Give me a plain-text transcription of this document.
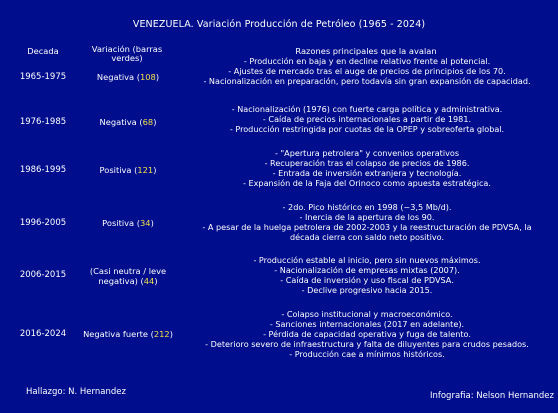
VENEZUELA. Variación Producción de Petróleo (1965 - 2024)
Decada	Variación (barras verdes)
Razones principales que la avalan
1965-1975	Negativa (108)
- Producción en baja y en decline relativo frente al potencial.
- Ajustes de mercado tras el auge de precios de principios de los 70.
- Nacionalización en preparación, pero todavía sin gran expansión de capacidad.
1976-1985	Negativa (68)
- Nacionalización (1976) con fuerte carga política y administrativa.
- Caída de precios internacionales a partir de 1981.
- Producción restringida por cuotas de la OPEP y sobreoferta global.
1986-1995	Positiva (121)
- "Apertura petrolera" y convenios operativos
- Recuperación tras el colapso de precios de 1986.
- Entrada de inversión extranjera y tecnología.
- Expansión de la Faja del Orinoco como apuesta estratégica.
1996-2005	Positiva (34)
- 2do. Pico histórico en 1998 (~3,5 Mb/d).
- Inercia de la apertura de los 90.
- A pesar de la huelga petrolera de 2002-2003 y la reestructuración de PDVSA, la
década cierra con saldo neto positivo.
2006-2015	(Casi neutra / leve negativa) (44)
- Producción estable al inicio, pero sin nuevos máximos.
- Nacionalización de empresas mixtas (2007).
- Caída de inversión y uso fiscal de PDVSA.
- Declive progresivo hacia 2015.
2016-2024	Negativa fuerte (212)
- Colapso institucional y macroeconómico.
- Sanciones internacionales (2017 en adelante).
- Pérdida de capacidad operativa y fuga de talento.
- Deterioro severo de infraestructura y falta de diluyentes para crudos pesados.
- Producción cae a mínimos históricos.
Hallazgo: N. Hernandez	Infografia: Nelson Hernandez
